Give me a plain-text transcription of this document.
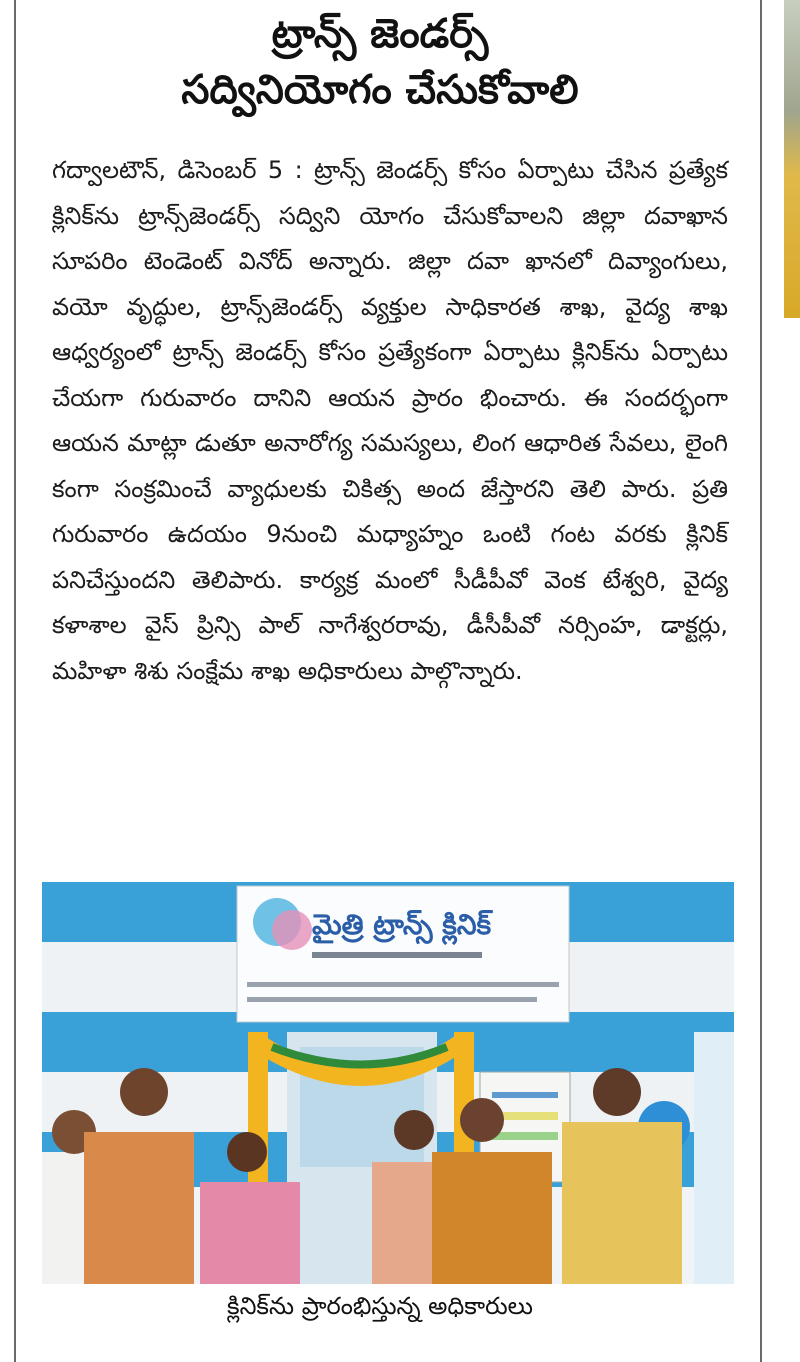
ట్రాన్స్ జెండర్స్
సద్వినియోగం చేసుకోవాలి
గద్వాలటౌన్, డిసెంబర్ 5 : ట్రాన్స్ జెండర్స్ కోసం ఏర్పాటు చేసిన ప్రత్యేక క్లినిక్‌ను ట్రాన్స్‌జెండర్స్ సద్విని యోగం చేసుకోవాలని జిల్లా దవాఖాన సూపరిం టెండెంట్ వినోద్ అన్నారు. జిల్లా దవా ఖానలో దివ్యాంగులు, వయో వృద్ధుల, ట్రాన్స్‌జెండర్స్ వ్యక్తుల సాధికారత శాఖ, వైద్య శాఖ ఆధ్వర్యంలో ట్రాన్స్ జెండర్స్ కోసం ప్రత్యేకంగా ఏర్పాటు క్లినిక్‌ను ఏర్పాటు చేయగా గురువారం దానిని ఆయన ప్రారం భించారు. ఈ సందర్భంగా ఆయన మాట్లా డుతూ అనారోగ్య సమస్యలు, లింగ ఆధారిత సేవలు, లైంగి కంగా సంక్రమించే వ్యాధులకు చికిత్స అంద జేస్తారని తెలి పారు. ప్రతి గురువారం ఉదయం 9నుంచి మధ్యాహ్నం ఒంటి గంట వరకు క్లినిక్ పనిచేస్తుందని తెలిపారు. కార్యక్ర మంలో సీడీపీవో వెంక టేశ్వరి, వైద్య కళాశాల వైస్ ప్రిన్సి పాల్ నాగేశ్వరరావు, డీసీపీవో నర్సింహ, డాక్టర్లు, మహిళా శిశు సంక్షేమ శాఖ అధికారులు పాల్గొన్నారు.
మైత్రి ట్రాన్స్ క్లినిక్
క్లినిక్‌ను ప్రారంభిస్తున్న అధికారులు
